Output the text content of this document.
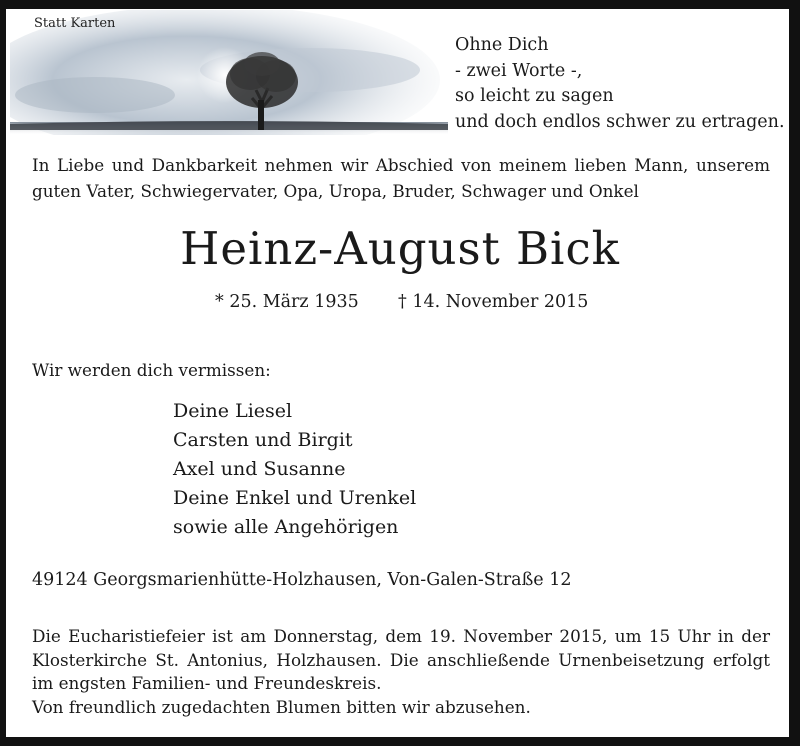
Statt Karten
Ohne Dich
- zwei Worte -,
so leicht zu sagen
und doch endlos schwer zu ertragen.
In Liebe und Dankbarkeit nehmen wir Abschied von meinem lieben Mann, unserem
guten Vater, Schwiegervater, Opa, Uropa, Bruder, Schwager und Onkel
Heinz-August Bick
* 25. März 1935 † 14. November 2015
Wir werden dich vermissen:
Deine Liesel
Carsten und Birgit
Axel und Susanne
Deine Enkel und Urenkel
sowie alle Angehörigen
49124 Georgsmarienhütte-Holzhausen, Von-Galen-Straße 12
Die Eucharistiefeier ist am Donnerstag, dem 19. November 2015, um 15 Uhr in der
Klosterkirche St. Antonius, Holzhausen. Die anschließende Urnenbeisetzung erfolgt
im engsten Familien- und Freundeskreis.
Von freundlich zugedachten Blumen bitten wir abzusehen.
